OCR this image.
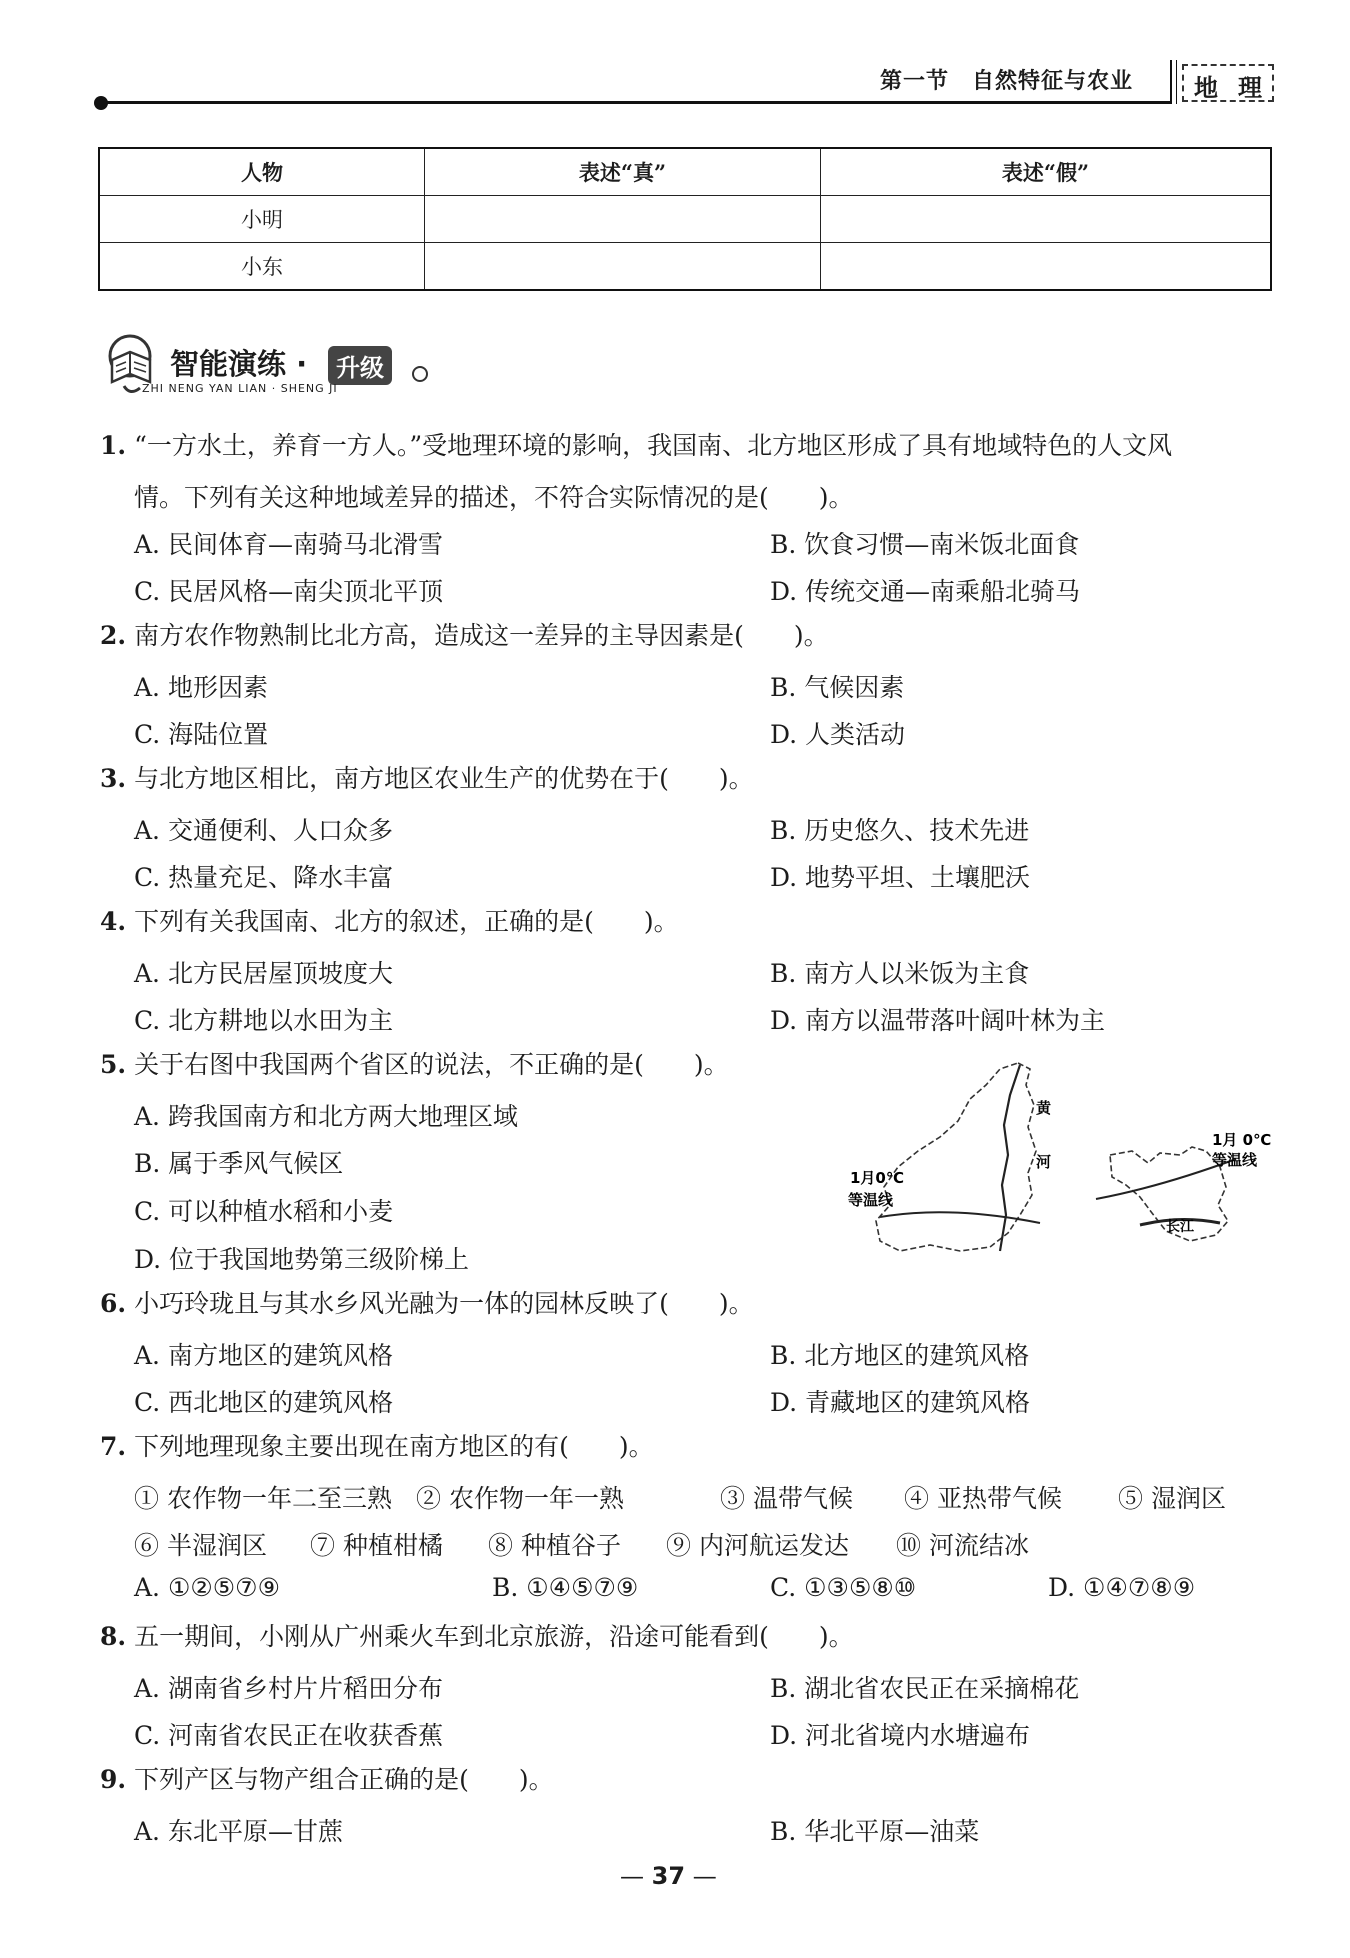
第一节　自然特征与农业	地 理
人物	表述“真”	表述“假”
小明		
小东		
智能演练 ·	升级
ZHI NENG YAN LIAN · SHENG JI
1. “一方水土，养育一方人。”受地理环境的影响，我国南、北方地区形成了具有地域特色的人文风
情。下列有关这种地域差异的描述，不符合实际情况的是(　　)。
A. 民间体育—南骑马北滑雪	B. 饮食习惯—南米饭北面食
C. 民居风格—南尖顶北平顶	D. 传统交通—南乘船北骑马
2. 南方农作物熟制比北方高，造成这一差异的主导因素是(　　)。
A. 地形因素	B. 气候因素
C. 海陆位置	D. 人类活动
3. 与北方地区相比，南方地区农业生产的优势在于(　　)。
A. 交通便利、人口众多	B. 历史悠久、技术先进
C. 热量充足、降水丰富	D. 地势平坦、土壤肥沃
4. 下列有关我国南、北方的叙述，正确的是(　　)。
A. 北方民居屋顶坡度大	B. 南方人以米饭为主食
C. 北方耕地以水田为主	D. 南方以温带落叶阔叶林为主
5. 关于右图中我国两个省区的说法，不正确的是(　　)。
A. 跨我国南方和北方两大地理区域
B. 属于季风气候区
C. 可以种植水稻和小麦
D. 位于我国地势第三级阶梯上
黄
河
1月0℃
等温线
1月 0℃
等温线
长江
6. 小巧玲珑且与其水乡风光融为一体的园林反映了(　　)。
A. 南方地区的建筑风格	B. 北方地区的建筑风格
C. 西北地区的建筑风格	D. 青藏地区的建筑风格
7. 下列地理现象主要出现在南方地区的有(　　)。
① 农作物一年二至三熟 ② 农作物一年一熟	③ 温带气候 ④ 亚热带气候 ⑤ 湿润区
⑥ 半湿润区 ⑦ 种植柑橘 ⑧ 种植谷子 ⑨ 内河航运发达 ⑩ 河流结冰
A. ①②⑤⑦⑨	B. ①④⑤⑦⑨	C. ①③⑤⑧⑩	D. ①④⑦⑧⑨
8. 五一期间，小刚从广州乘火车到北京旅游，沿途可能看到(　　)。
A. 湖南省乡村片片稻田分布	B. 湖北省农民正在采摘棉花
C. 河南省农民正在收获香蕉	D. 河北省境内水塘遍布
9. 下列产区与物产组合正确的是(　　)。
A. 东北平原—甘蔗	B. 华北平原—油菜
— 37 —
